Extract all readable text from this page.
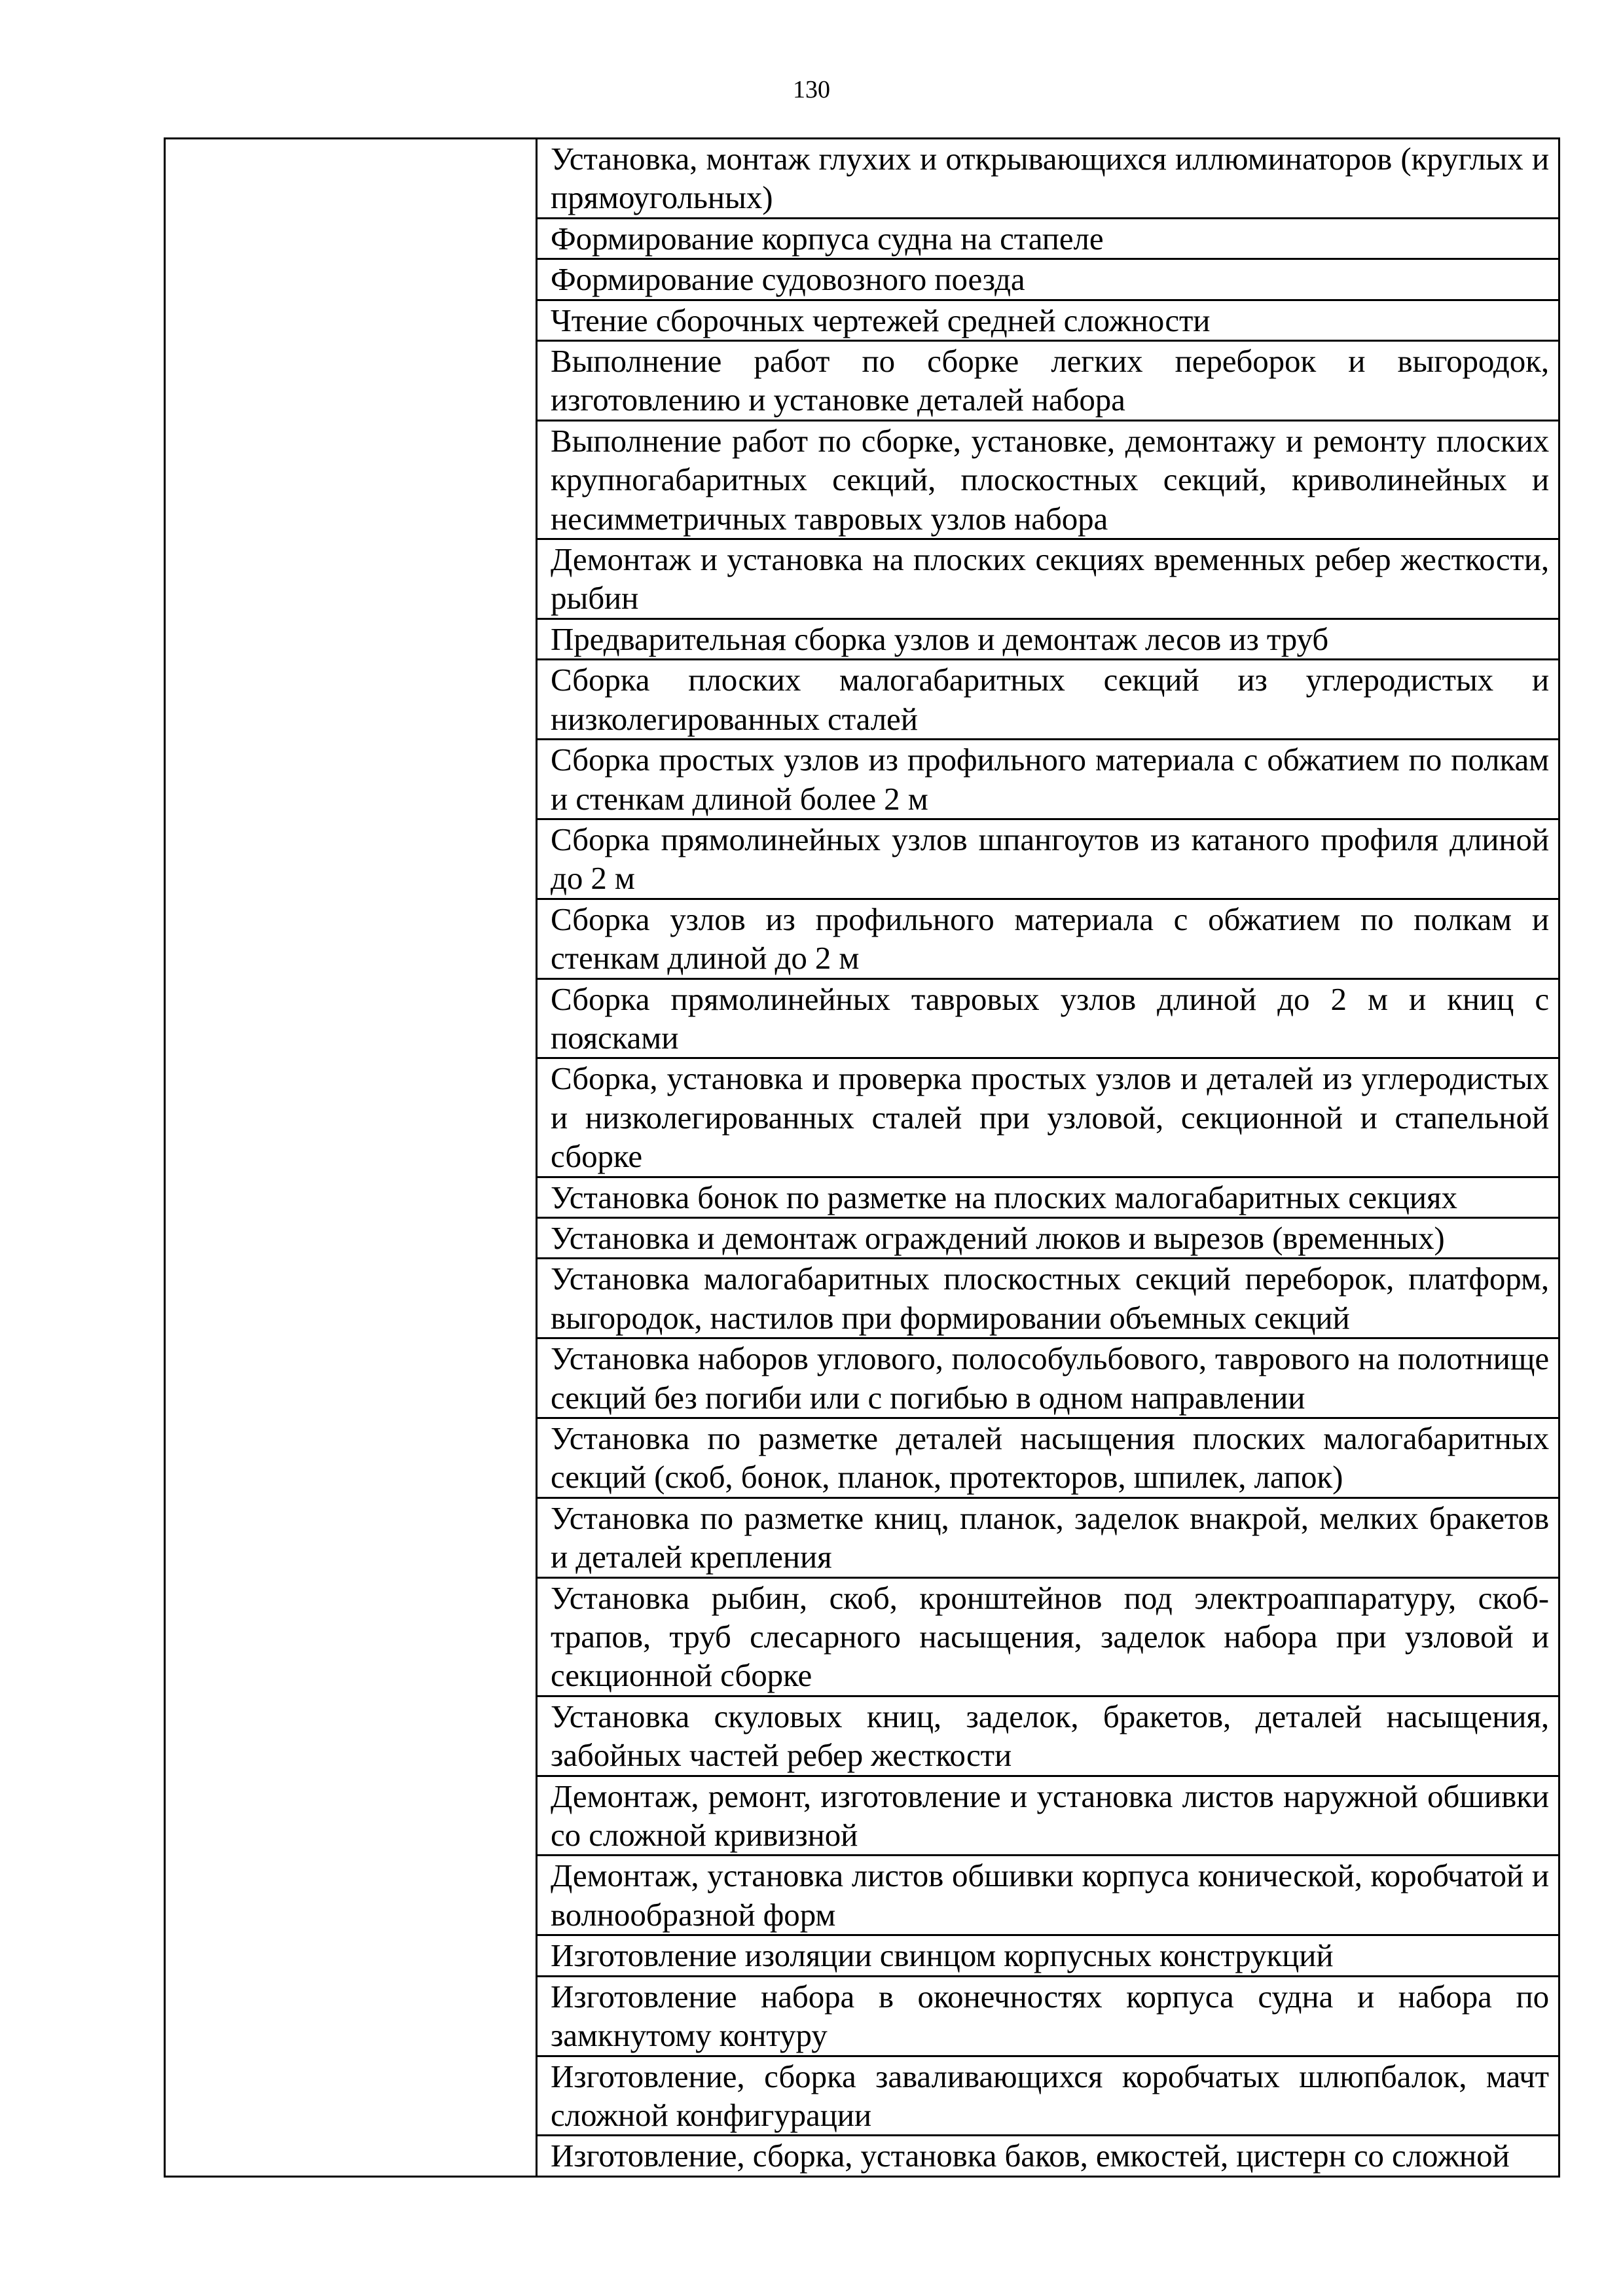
130

Установка, монтаж глухих и открывающихся иллюминаторов (круглых и прямоугольных)

Формирование корпуса судна на стапеле

Формирование судовозного поезда

Чтение сборочных чертежей средней сложности

Выполнение работ по сборке легких переборок и выгородок, изготовлению и установке деталей набора

Выполнение работ по сборке, установке, демонтажу и ремонту плоских крупногабаритных секций, плоскостных секций, криволинейных и несимметричных тавровых узлов набора

Демонтаж и установка на плоских секциях временных ребер жесткости, рыбин

Предварительная сборка узлов и демонтаж лесов из труб

Сборка плоских малогабаритных секций из углеродистых и низколегированных сталей

Сборка простых узлов из профильного материала с обжатием по полкам и стенкам длиной более 2 м

Сборка прямолинейных узлов шпангоутов из катаного профиля длиной до 2 м

Сборка узлов из профильного материала с обжатием по полкам и стенкам длиной до 2 м

Сборка прямолинейных тавровых узлов длиной до 2 м и книц с поясками

Сборка, установка и проверка простых узлов и деталей из углеродистых и низколегированных сталей при узловой, секционной и стапельной сборке

Установка бонок по разметке на плоских малогабаритных секциях

Установка и демонтаж ограждений люков и вырезов (временных)

Установка малогабаритных плоскостных секций переборок, платформ, выгородок, настилов при формировании объемных секций

Установка наборов углового, полособульбового, таврового на полотнище секций без погиби или с погибью в одном направлении

Установка по разметке деталей насыщения плоских малогабаритных секций (скоб, бонок, планок, протекторов, шпилек, лапок)

Установка по разметке книц, планок, заделок внакрой, мелких бракетов и деталей крепления

Установка рыбин, скоб, кронштейнов под электроаппаратуру, скоб-трапов, труб слесарного насыщения, заделок набора при узловой и секционной сборке

Установка скуловых книц, заделок, бракетов, деталей насыщения, забойных частей ребер жесткости

Демонтаж, ремонт, изготовление и установка листов наружной обшивки со сложной кривизной

Демонтаж, установка листов обшивки корпуса конической, коробчатой и волнообразной форм

Изготовление изоляции свинцом корпусных конструкций

Изготовление набора в оконечностях корпуса судна и набора по замкнутому контуру

Изготовление, сборка заваливающихся коробчатых шлюпбалок, мачт сложной конфигурации

Изготовление, сборка, установка баков, емкостей, цистерн со сложной
